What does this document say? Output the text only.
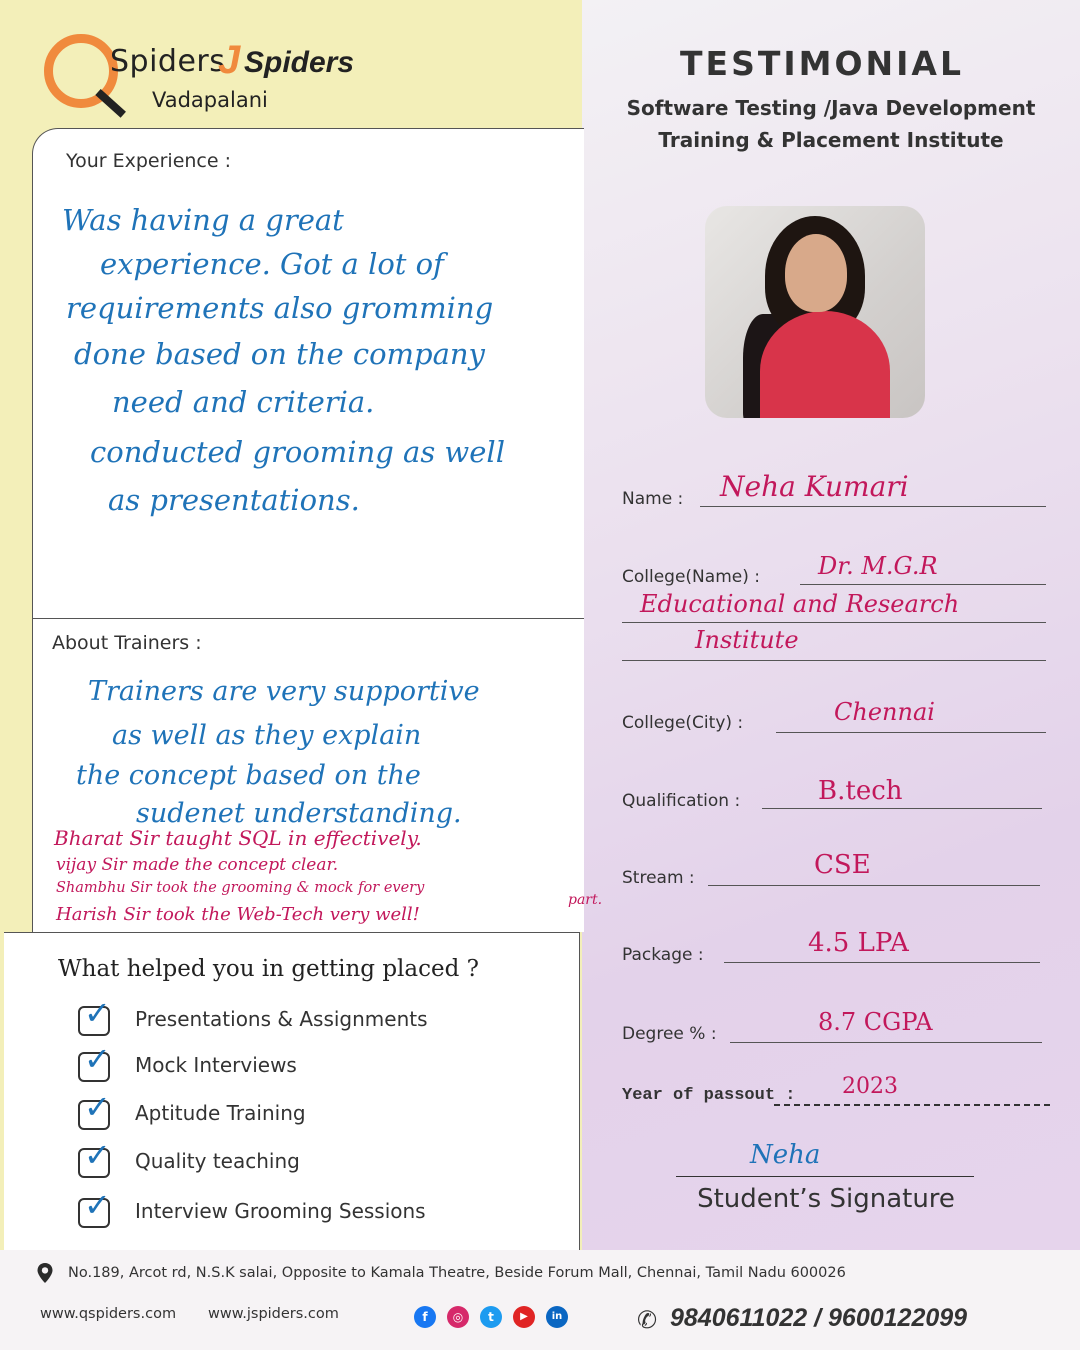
Spiders
J Spiders
Vadapalani
Your Experience :
Was having a great
experience. Got a lot of
requirements also gromming
done based on the company
need and criteria.
conducted grooming as well
as presentations.
About Trainers :
Trainers are very supportive
as well as they explain
the concept based on the
sudenet understanding.
Bharat Sir taught SQL in effectively.
vijay Sir made the concept clear.
Shambhu Sir took the grooming & mock for every
part.
Harish Sir took the Web-Tech very well!
What helped you in getting placed ?
✓ Presentations & Assignments
✓ Mock Interviews
✓ Aptitude Training
✓ Quality teaching
✓ Interview Grooming Sessions
TESTIMONIAL
Software Testing /Java Development
Training & Placement Institute
Name : Neha Kumari
College(Name) : Dr. M.G.R
Educational and Research
Institute
College(City) :	Chennai
Qualification :	B.tech
Stream :	CSE
Package :	4.5 LPA
Degree % :	8.7 CGPA
Year of passout : 2023
Neha
Student’s Signature
No.189, Arcot rd, N.S.K salai, Opposite to Kamala Theatre, Beside Forum Mall, Chennai, Tamil Nadu 600026
www.qspiders.com www.jspiders.com	f	◎	t	▶	in	✆ 9840611022 / 9600122099
